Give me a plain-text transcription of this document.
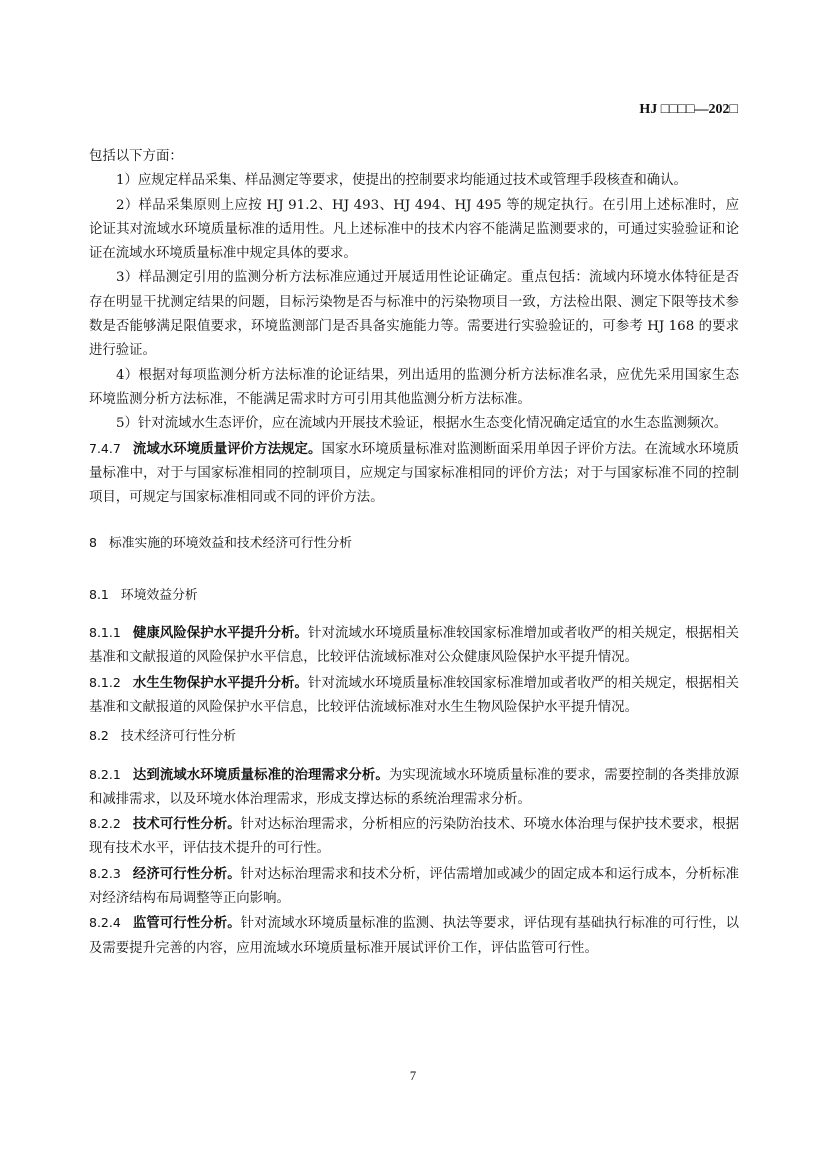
HJ □□□□—202□

包括以下方面：

1）应规定样品采集、样品测定等要求，使提出的控制要求均能通过技术或管理手段核查和确认。

2）样品采集原则上应按 HJ 91.2、HJ 493、HJ 494、HJ 495 等的规定执行。在引用上述标准时，应论证其对流域水环境质量标准的适用性。凡上述标准中的技术内容不能满足监测要求的，可通过实验验证和论证在流域水环境质量标准中规定具体的要求。

3）样品测定引用的监测分析方法标准应通过开展适用性论证确定。重点包括：流域内环境水体特征是否存在明显干扰测定结果的问题，目标污染物是否与标准中的污染物项目一致，方法检出限、测定下限等技术参数是否能够满足限值要求，环境监测部门是否具备实施能力等。需要进行实验验证的，可参考 HJ 168 的要求进行验证。

4）根据对每项监测分析方法标准的论证结果，列出适用的监测分析方法标准名录，应优先采用国家生态环境监测分析方法标准，不能满足需求时方可引用其他监测分析方法标准。

5）针对流域水生态评价，应在流域内开展技术验证，根据水生态变化情况确定适宜的水生态监测频次。

7.4.7 流域水环境质量评价方法规定。国家水环境质量标准对监测断面采用单因子评价方法。在流域水环境质量标准中，对于与国家标准相同的控制项目，应规定与国家标准相同的评价方法；对于与国家标准不同的控制项目，可规定与国家标准相同或不同的评价方法。

8 标准实施的环境效益和技术经济可行性分析

8.1 环境效益分析

8.1.1 健康风险保护水平提升分析。针对流域水环境质量标准较国家标准增加或者收严的相关规定，根据相关基准和文献报道的风险保护水平信息，比较评估流域标准对公众健康风险保护水平提升情况。

8.1.2 水生生物保护水平提升分析。针对流域水环境质量标准较国家标准增加或者收严的相关规定，根据相关基准和文献报道的风险保护水平信息，比较评估流域标准对水生生物风险保护水平提升情况。

8.2 技术经济可行性分析

8.2.1 达到流域水环境质量标准的治理需求分析。为实现流域水环境质量标准的要求，需要控制的各类排放源和减排需求，以及环境水体治理需求，形成支撑达标的系统治理需求分析。

8.2.2 技术可行性分析。针对达标治理需求，分析相应的污染防治技术、环境水体治理与保护技术要求，根据现有技术水平，评估技术提升的可行性。

8.2.3 经济可行性分析。针对达标治理需求和技术分析，评估需增加或减少的固定成本和运行成本，分析标准对经济结构布局调整等正向影响。

8.2.4 监管可行性分析。针对流域水环境质量标准的监测、执法等要求，评估现有基础执行标准的可行性，以及需要提升完善的内容，应用流域水环境质量标准开展试评价工作，评估监管可行性。

7
